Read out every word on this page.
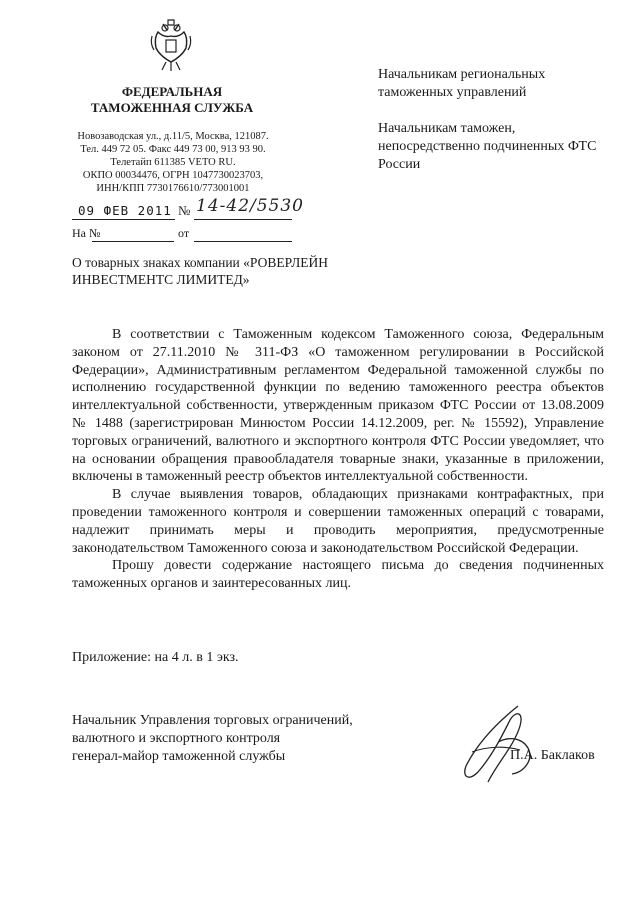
ФЕДЕРАЛЬНАЯ
ТАМОЖЕННАЯ СЛУЖБА
Новозаводская ул., д.11/5, Москва, 121087.
Тел. 449 72 05. Факс 449 73 00, 913 93 90.
Телетайп 611385 VETO RU.
ОКПО 00034476, ОГРН 1047730023703,
ИНН/КПП 7730176610/773001001
Начальникам региональных таможенных управлений
Начальникам таможен, непосредственно подчиненных ФТС России
09 ФЕВ 2011 № 14-42/5530
На №	от
О товарных знаках компании «РОВЕРЛЕЙН ИНВЕСТМЕНТС ЛИМИТЕД»

В соответствии с Таможенным кодексом Таможенного союза, Федеральным законом от 27.11.2010 № 311-ФЗ «О таможенном регулировании в Российской Федерации», Административным регламентом Федеральной таможенной службы по исполнению государственной функции по ведению таможенного реестра объектов интеллектуальной собственности, утвержденным приказом ФТС России от 13.08.2009 № 1488 (зарегистрирован Минюстом России 14.12.2009, рег. № 15592), Управление торговых ограничений, валютного и экспортного контроля ФТС России уведомляет, что на основании обращения правообладателя товарные знаки, указанные в приложении, включены в таможенный реестр объектов интеллектуальной собственности.

В случае выявления товаров, обладающих признаками контрафактных, при проведении таможенного контроля и совершении таможенных операций с товарами, надлежит принимать меры и проводить мероприятия, предусмотренные законодательством Таможенного союза и законодательством Российской Федерации.

Прошу довести содержание настоящего письма до сведения подчиненных таможенных органов и заинтересованных лиц.

Приложение: на 4 л. в 1 экз.
Начальник Управления торговых ограничений,
валютного и экспортного контроля
генерал-майор таможенной службы	П.А. Баклаков
